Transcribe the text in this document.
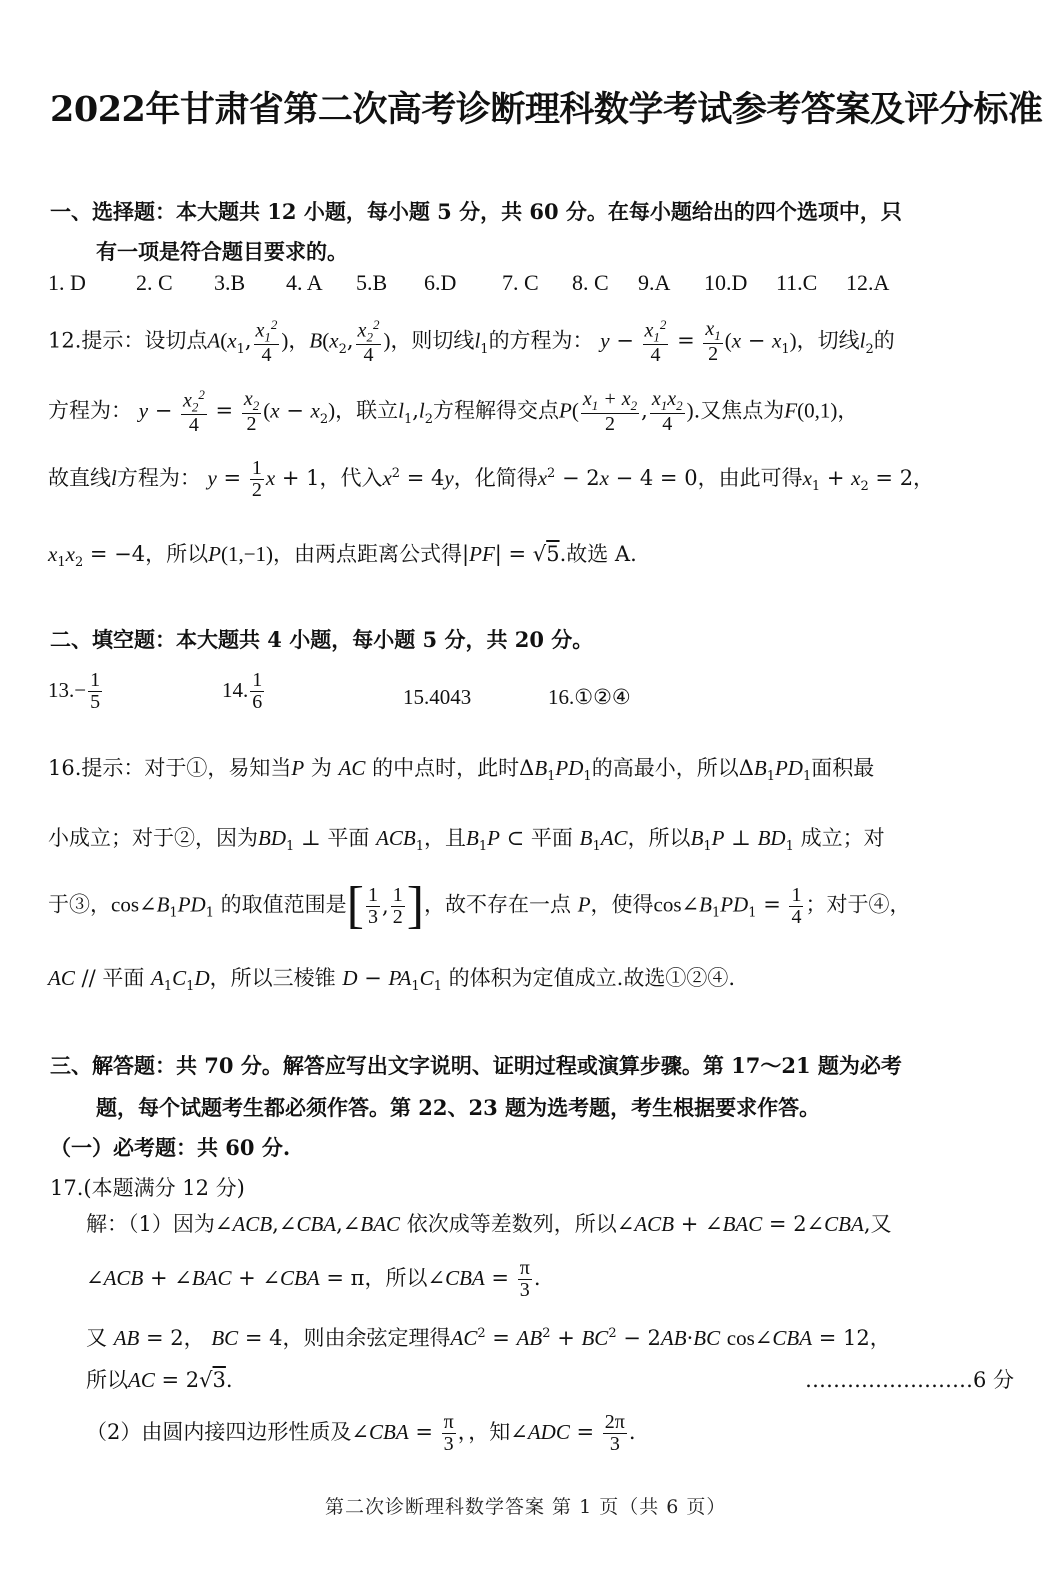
2022年甘肃省第二次高考诊断理科数学考试参考答案及评分标准
一、选择题：本大题共 12 小题，每小题 5 分，共 60 分。在每小题给出的四个选项中，只
有一项是符合题目要求的。
1. D 2. C 3.B 4. A 5.B 6.D 7. C 8. C 9.A 10.D 11.C 12.A
12.提示：设切点$A(x_1$, $\frac{x_1^2}{4}$ )，$B(x_2$, $\frac{x_2^2}{4}$ )，则切线$l_1$的方程为： $y - \frac{x_1^2}{4} = \frac{x_1}{2} (x - x_1)$，切线$l_2$的
方程为： $y - \frac{x_2^2}{4} = \frac{x_2}{2} (x - x_2)$，联立$l_1,l_2$方程解得交点$P( \frac{x_1 + x_2}{2}$ , $\frac{x_1x_2}{4}$ ).又焦点为F(0,1)，
故直线l方程为： $y = \frac{1}{2}$ x + 1，代入$x^2 = 4y$，化简得$x^2 - 2x - 4 = 0$，由此可得$x_1 + x_2 = 2$，
$x_1x_2 = -4$，所以P(1,−1)，由两点距离公式得|PF| = √5.故选 A.
二、填空题：本大题共 4 小题，每小题 5 分，共 20 分。
$13.- \frac{1}{5}$	14. $\frac{1}{6}$	15.4043	16.①②④
16.提示：对于①，易知当P 为 AC 的中点时，此时$\Delta B_1PD_1$的高最小，所以$\Delta B_1PD_1$面积最
小成立；对于②，因为$BD_1$ ⊥ 平面 $ACB_1$，且$B_1P$ ⊂ 平面 $B_1AC$，所以$B_1P$ ⊥ $BD_1$ 成立；对
于③，$\cos\angle B_1PD_1$ 的取值范围是 [ $\frac{1}{3}$ , $\frac{1}{2}$ ] ，故不存在一点 P，使得$\cos\angle B_1PD_1 = \frac{1}{4}$ ；对于④，
AC // 平面 $A_1C_1D$，所以三棱锥 $D - PA_1C_1$ 的体积为定值成立.故选①②④.
三、解答题：共 70 分。解答应写出文字说明、证明过程或演算步骤。第 17～21 题为必考
题，每个试题考生都必须作答。第 22、23 题为选考题，考生根据要求作答。
（一）必考题：共 60 分.
17.(本题满分 12 分)
解：（1）因为∠ACB,∠CBA,∠BAC 依次成等差数列，所以∠ACB + ∠BAC = 2∠CBA,又
∠ACB + ∠BAC + ∠CBA = π，所以∠CBA = $\frac{\pi}{3}$ .
又 AB = 2， BC = 4，则由余弦定理得$AC^2 = AB^2 + BC^2 - 2AB\cdot BC$ cos∠CBA = 12，
所以AC = 2√3.	……………………6 分
（2）由圆内接四边形性质及∠CBA = $\frac{\pi}{3}$ ，，知∠ADC = $\frac{2\pi}{3}$ .
第二次诊断理科数学答案 第 1 页（共 6 页）
